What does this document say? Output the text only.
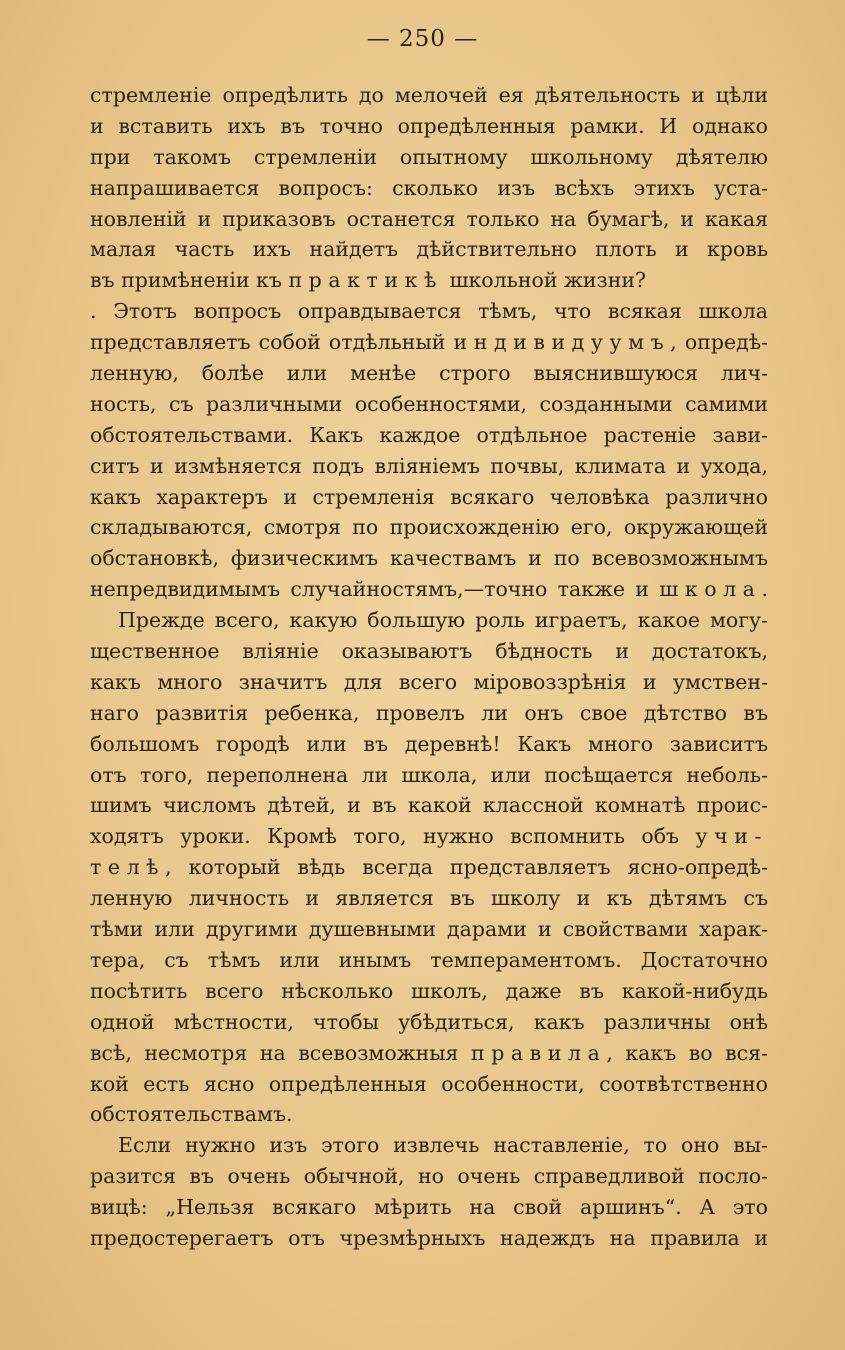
— 250 —
стремленіе опредѣлить до мелочей ея дѣятельность и цѣли
и вставить ихъ въ точно опредѣленныя рамки. И однако
при такомъ стремленіи опытному школьному дѣятелю
напрашивается вопросъ: сколько изъ всѣхъ этихъ уста-
новленій и приказовъ останется только на бумагѣ, и какая
малая часть ихъ найдетъ дѣйствительно плоть и кровь
въ примѣненіи къ практикѣ школьной жизни?
. Этотъ вопросъ оправдывается тѣмъ, что всякая школа
представляетъ собой отдѣльный индивидуумъ, опредѣ-
ленную, болѣе или менѣе строго выяснившуюся лич-
ность, съ различными особенностями, созданными самими
обстоятельствами. Какъ каждое отдѣльное растеніе зави-
ситъ и измѣняется подъ вліяніемъ почвы, климата и ухода,
какъ характеръ и стремленія всякаго человѣка различно
складываются, смотря по происхожденію его, окружающей
обстановкѣ, физическимъ качествамъ и по всевозможнымъ
непредвидимымъ случайностямъ,—точно также и школа.
Прежде всего, какую большую роль играетъ, какое могу-
щественное вліяніе оказываютъ бѣдность и достатокъ,
какъ много значитъ для всего міровоззрѣнія и умствен-
наго развитія ребенка, провелъ ли онъ свое дѣтство въ
большомъ городѣ или въ деревнѣ! Какъ много зависитъ
отъ того, переполнена ли школа, или посѣщается неболь-
шимъ числомъ дѣтей, и въ какой классной комнатѣ проис-
ходятъ уроки. Кромѣ того, нужно вспомнить объ учи-
телѣ, который вѣдь всегда представляетъ ясно-опредѣ-
ленную личность и является въ школу и къ дѣтямъ съ
тѣми или другими душевными дарами и свойствами харак-
тера, съ тѣмъ или инымъ темпераментомъ. Достаточно
посѣтить всего нѣсколько школъ, даже въ какой-нибудь
одной мѣстности, чтобы убѣдиться, какъ различны онѣ
всѣ, несмотря на всевозможныя правила, какъ во вся-
кой есть ясно опредѣленныя особенности, соотвѣтственно
обстоятельствамъ.
Если нужно изъ этого извлечь наставленіе, то оно вы-
разится въ очень обычной, но очень справедливой посло-
вицѣ: „Нельзя всякаго мѣрить на свой аршинъ“. А это
предостерегаетъ отъ чрезмѣрныхъ надеждъ на правила и
